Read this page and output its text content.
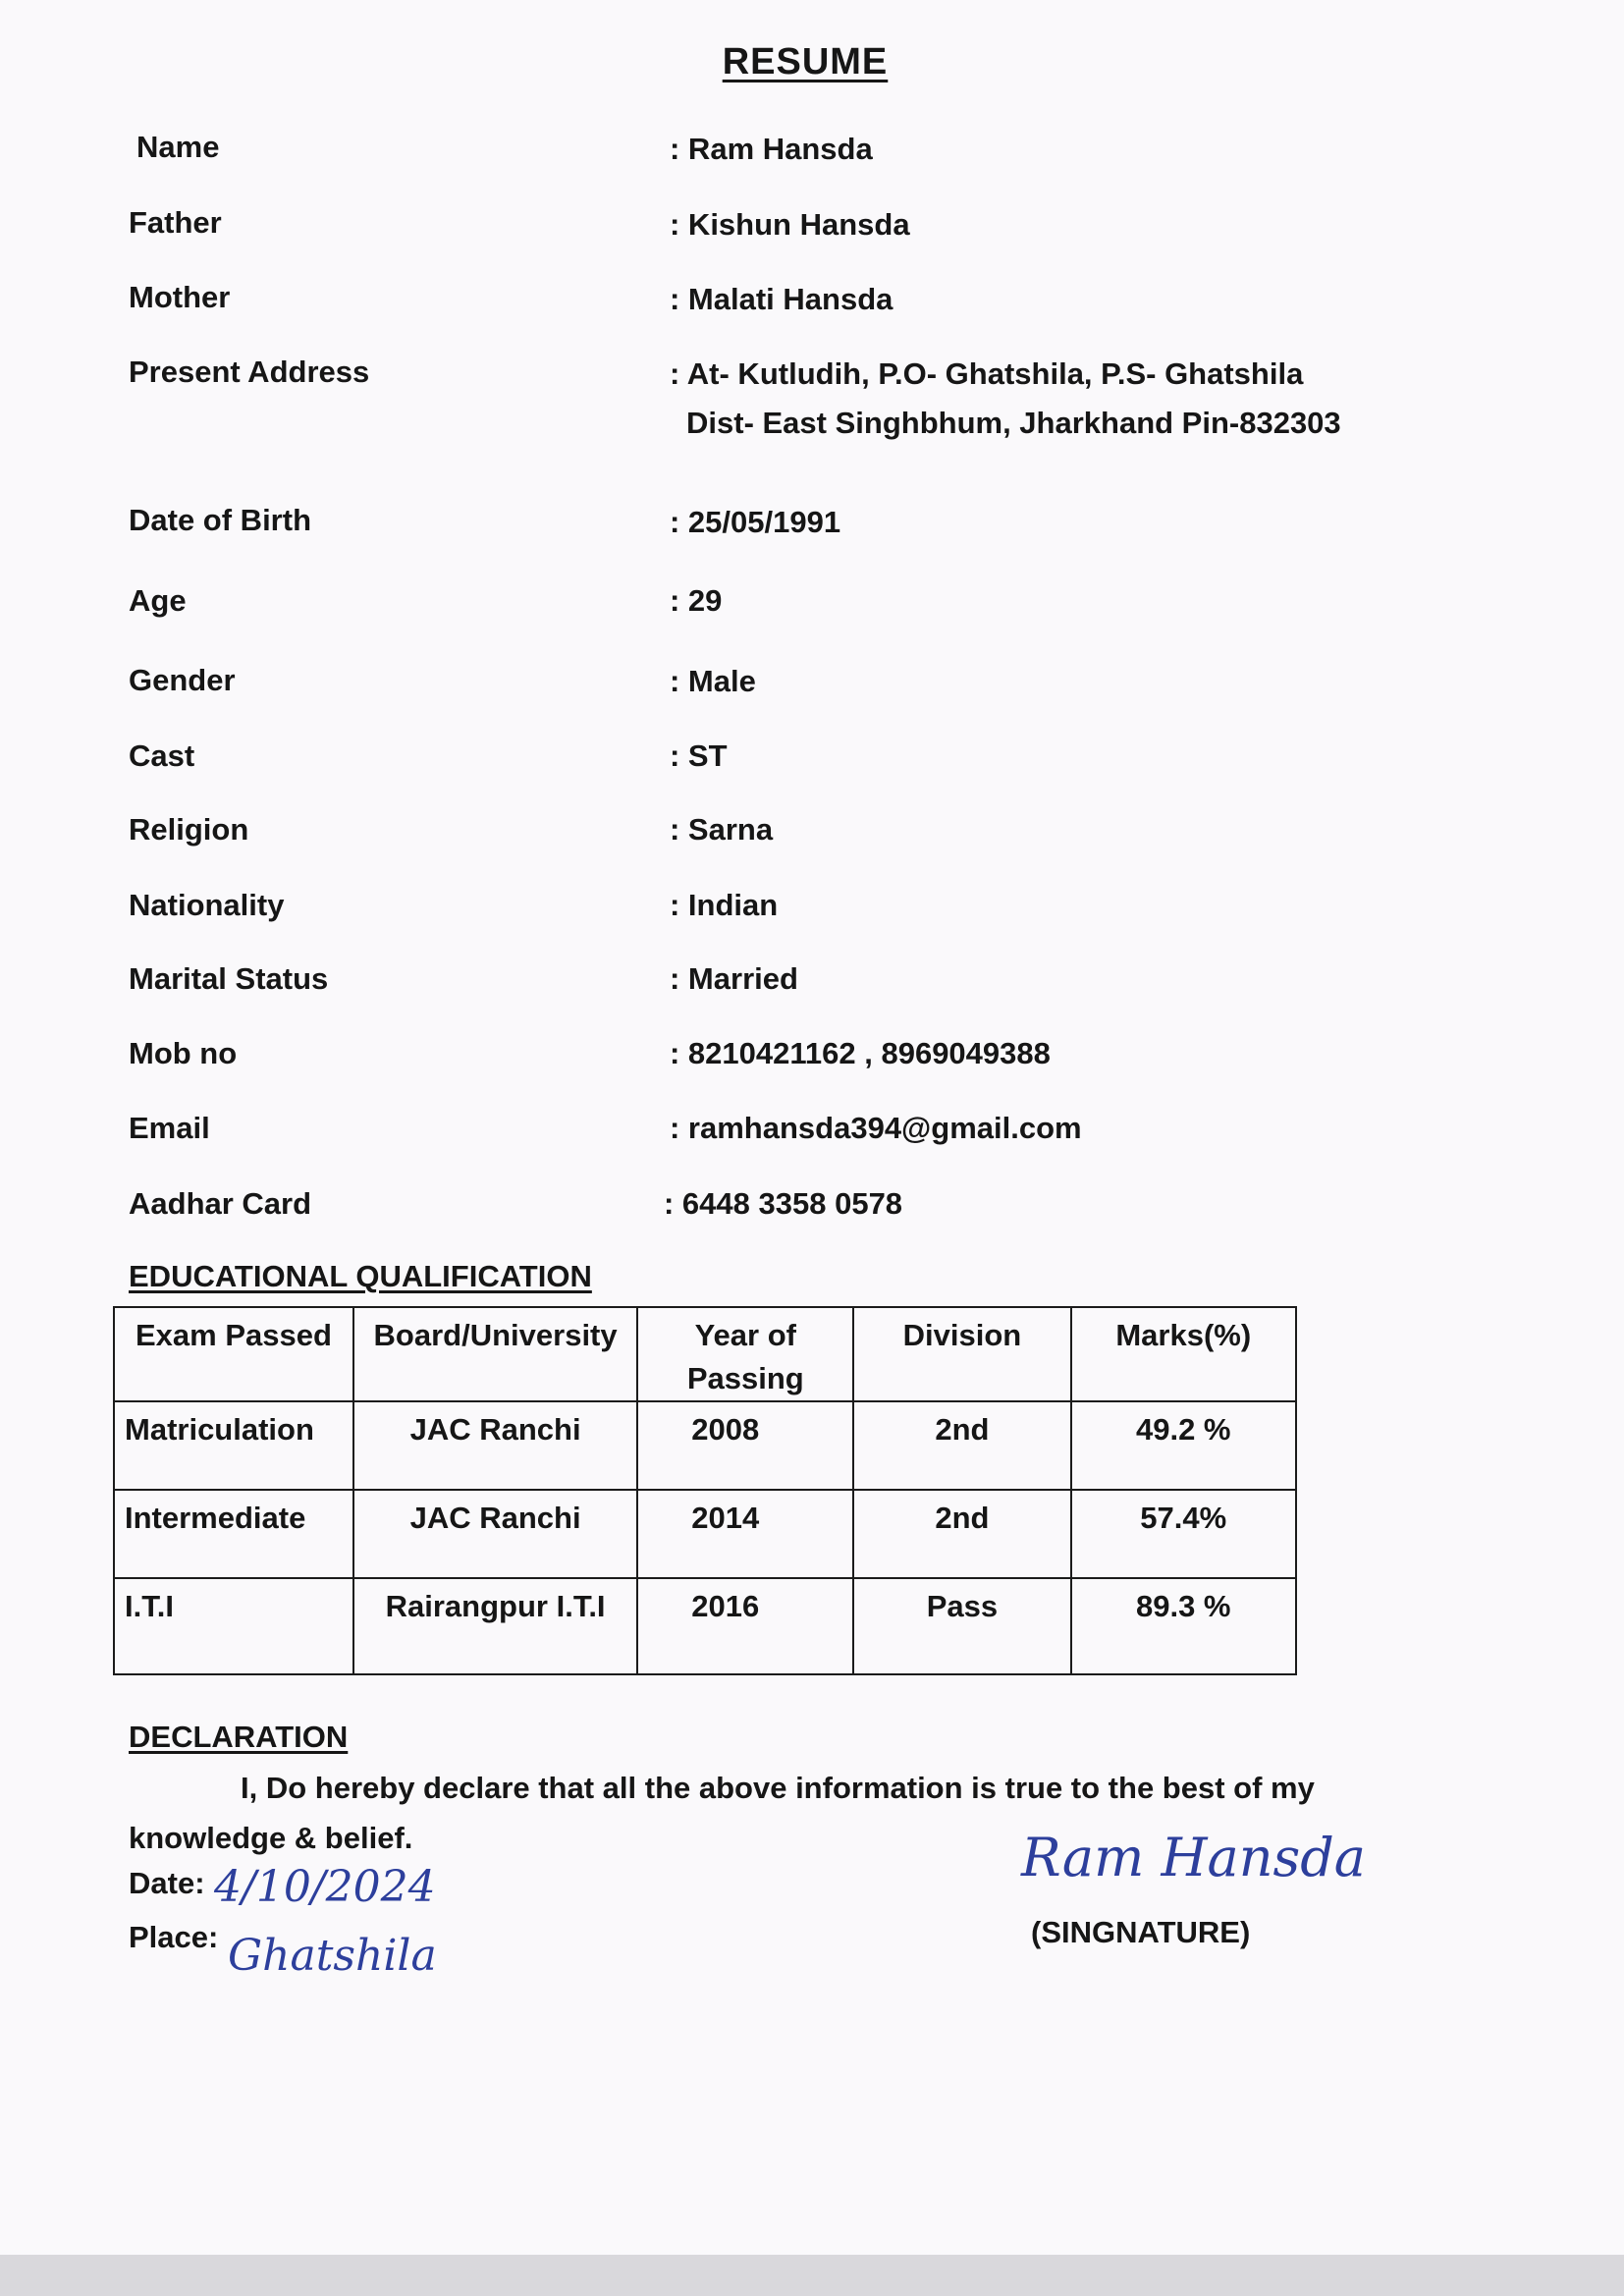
RESUME
Name	: Ram Hansda
Father	: Kishun Hansda
Mother	: Malati Hansda
Present Address	: At- Kutludih, P.O- Ghatshila, P.S- Ghatshila
Dist- East Singhbhum, Jharkhand Pin-832303
Date of Birth	: 25/05/1991
Age	: 29
Gender	: Male
Cast	: ST
Religion	: Sarna
Nationality	: Indian
Marital Status	: Married
Mob no	: 8210421162 , 8969049388
Email	: ramhansda394@gmail.com
Aadhar Card	: 6448 3358 0578
EDUCATIONAL QUALIFICATION
Exam Passed	Board/University	Year of Passing	Division	Marks(%)
Matriculation	JAC Ranchi	2008	2nd	49.2 %
Intermediate	JAC Ranchi	2014	2nd	57.4%
I.T.I	Rairangpur I.T.I	2016	Pass	89.3 %
DECLARATION
I, Do hereby declare that all the above information is true to the best of my knowledge & belief.
Date: 4/10/2024
Place: Ghatshila
Ram Hansda
(SINGNATURE)
